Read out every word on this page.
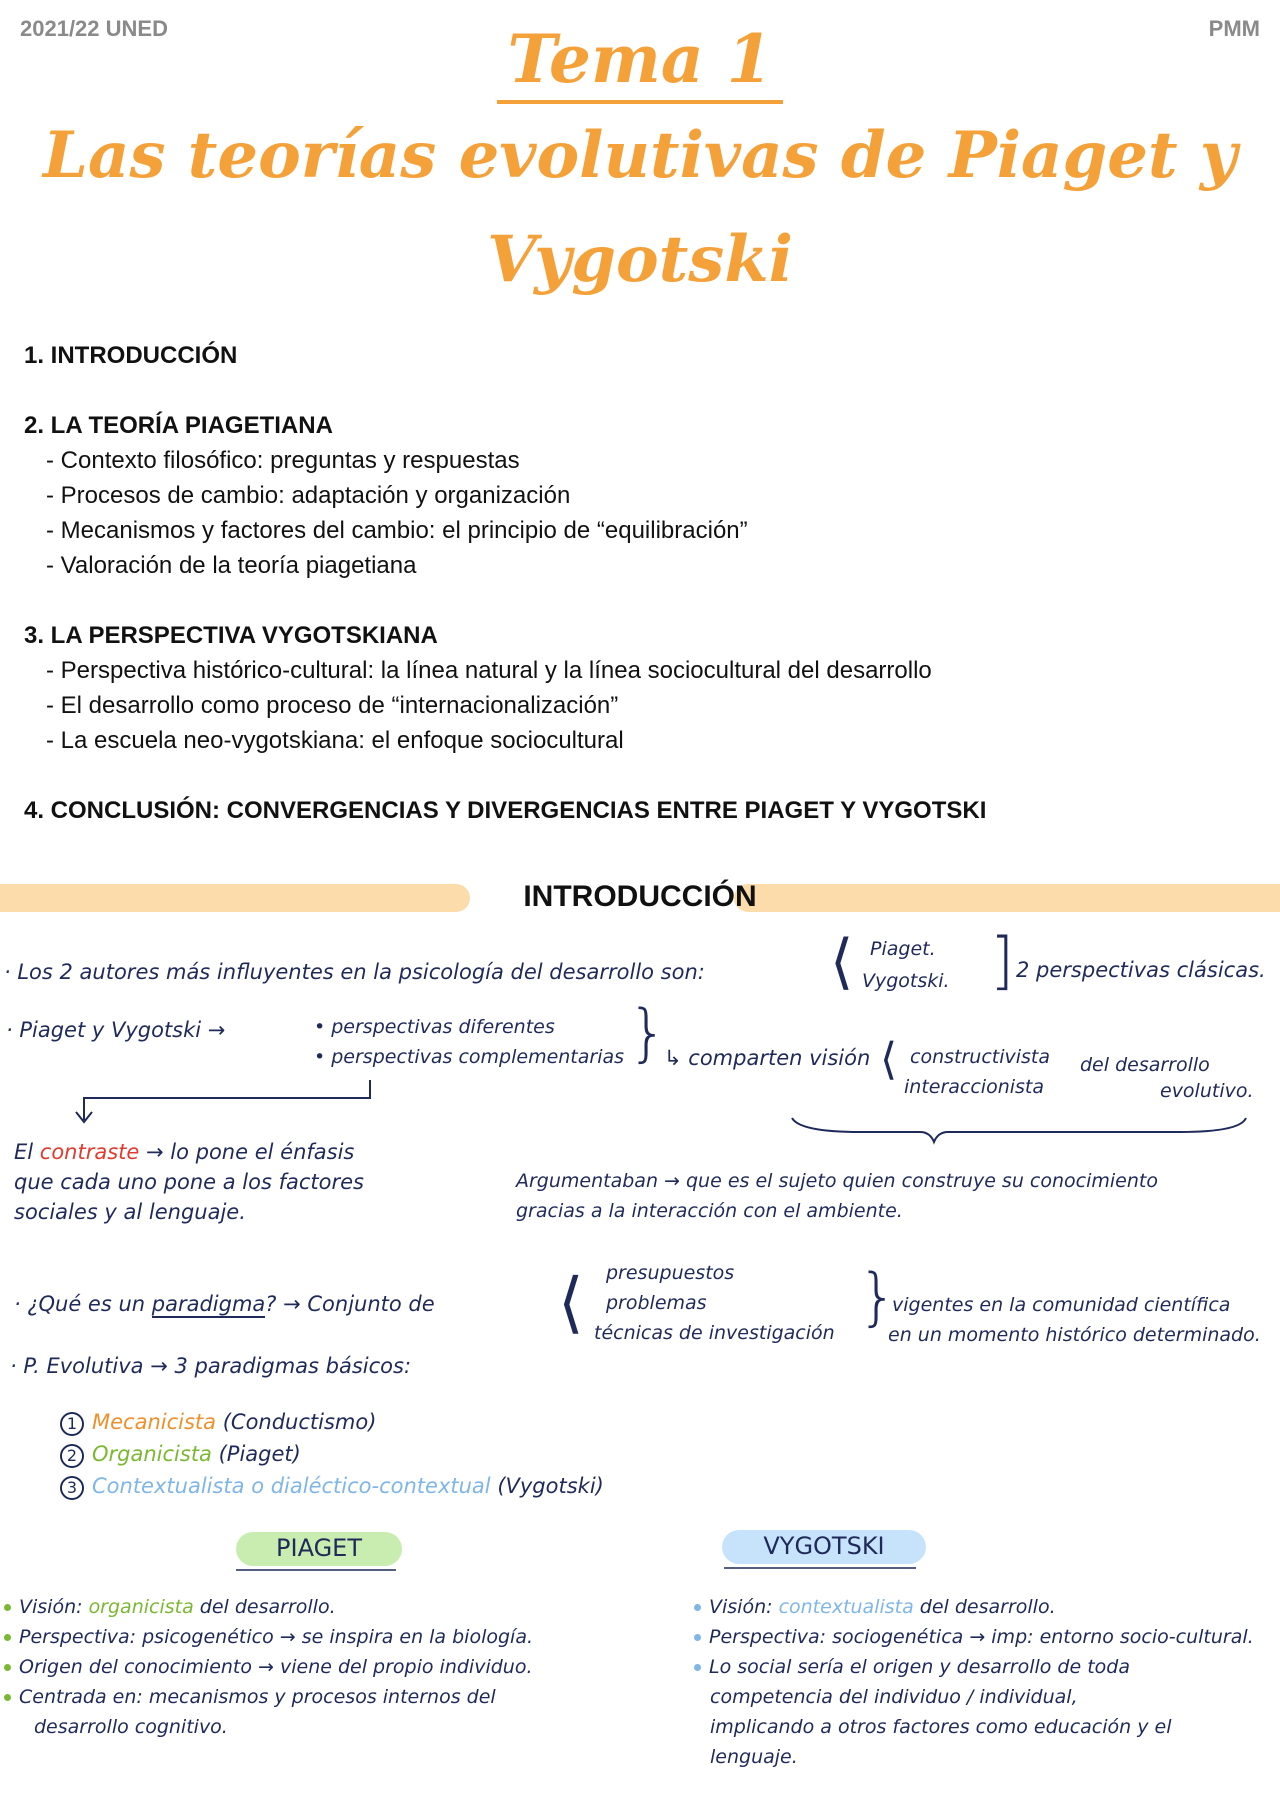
2021/22 UNED	PMM
Tema 1
Las teorías evolutivas de Piaget y
Vygotski
1. INTRODUCCIÓN
2. LA TEORÍA PIAGETIANA
- Contexto filosófico: preguntas y respuestas
- Procesos de cambio: adaptación y organización
- Mecanismos y factores del cambio: el principio de “equilibración”
- Valoración de la teoría piagetiana
3. LA PERSPECTIVA VYGOTSKIANA
- Perspectiva histórico-cultural: la línea natural y la línea sociocultural del desarrollo
- El desarrollo como proceso de “internacionalización”
- La escuela neo-vygotskiana: el enfoque sociocultural
4. CONCLUSIÓN: CONVERGENCIAS Y DIVERGENCIAS ENTRE PIAGET Y VYGOTSKI
INTRODUCCIÓN
· Los 2 autores más influyentes en la psicología del desarrollo son: ⟨ Piaget.
Vygotski. ] 2 perspectivas clásicas.
· Piaget y Vygotski →	• perspectivas diferentes
• perspectivas complementarias }
↳ comparten visión ⟨ constructivista
interaccionista
del desarrollo
evolutivo.
El contraste → lo pone el énfasis
que cada uno pone a los factores
sociales y al lenguaje.
Argumentaban → que es el sujeto quien construye su conocimiento
gracias a la interacción con el ambiente.
· ¿Qué es un paradigma? → Conjunto de ⟨ presupuestos
problemas
técnicas de investigación }
vigentes en la comunidad científica
en un momento histórico determinado.
· P. Evolutiva → 3 paradigmas básicos:
1 Mecanicista (Conductismo)
2 Organicista (Piaget)
3 Contextualista o dialéctico-contextual (Vygotski)
PIAGET	VYGOTSKI
Visión: organicista del desarrollo.
Perspectiva: psicogenético → se inspira en la biología.
Origen del conocimiento → viene del propio individuo.
Centrada en: mecanismos y procesos internos del
desarrollo cognitivo.
Visión: contextualista del desarrollo.
Perspectiva: sociogenética → imp: entorno socio-cultural.
Lo social sería el origen y desarrollo de toda
competencia del individuo / individual,
implicando a otros factores como educación y el
lenguaje.
